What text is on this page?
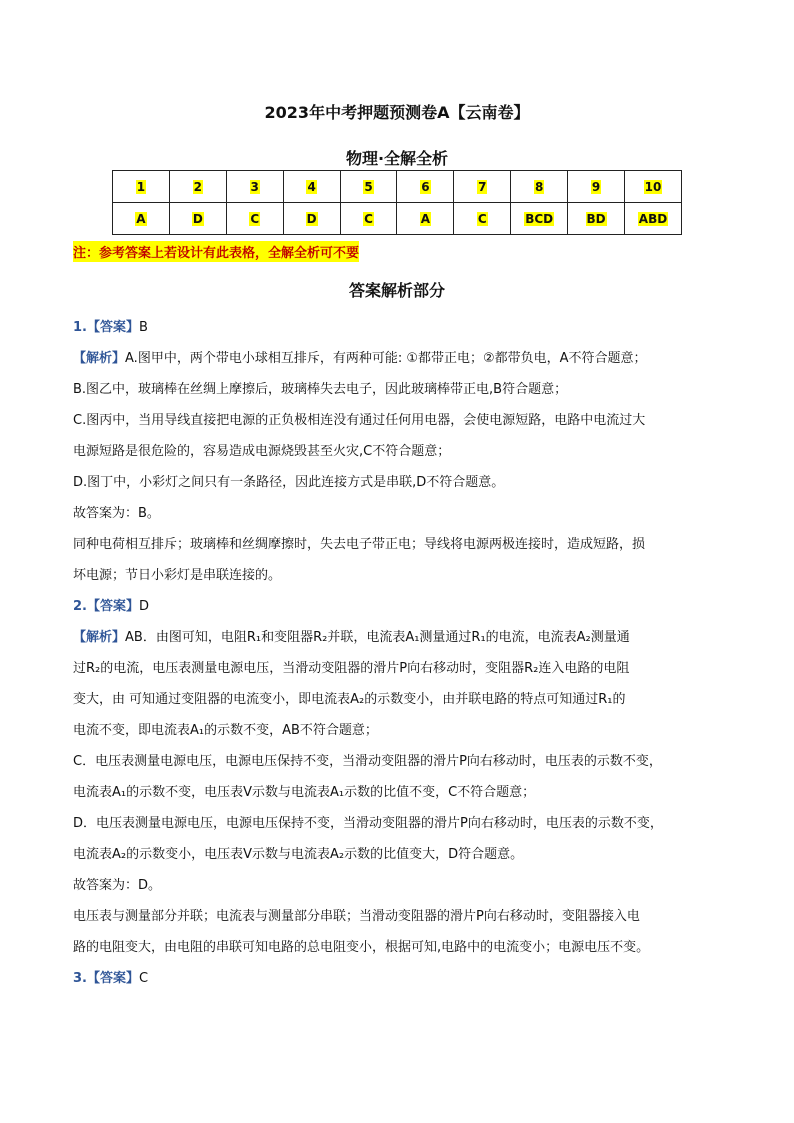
2023年中考押题预测卷A【云南卷】
物理·全解全析
1	2	3	4	5	6	7	8	9	10
A	D	C	D	C	A	C	BCD	BD	ABD
注：参考答案上若设计有此表格，全解全析可不要
答案解析部分
1.【答案】B
【解析】A.图甲中，两个带电小球相互排斥，有两种可能: ①都带正电；②都带负电，A不符合题意；
B.图乙中，玻璃棒在丝绸上摩擦后，玻璃棒失去电子，因此玻璃棒带正电,B符合题意；
C.图丙中，当用导线直接把电源的正负极相连没有通过任何用电器，会使电源短路，电路中电流过大
电源短路是很危险的，容易造成电源烧毁甚至火灾,C不符合题意；
D.图丁中，小彩灯之间只有一条路径，因此连接方式是串联,D不符合题意。
故答案为：B。
同种电荷相互排斥；玻璃棒和丝绸摩擦时，失去电子带正电；导线将电源两极连接时，造成短路，损
坏电源；节日小彩灯是串联连接的。
2.【答案】D
【解析】AB．由图可知，电阻R₁和变阻器R₂并联，电流表A₁测量通过R₁的电流，电流表A₂测量通
过R₂的电流，电压表测量电源电压，当滑动变阻器的滑片P向右移动时，变阻器R₂连入电路的电阻
变大，由 可知通过变阻器的电流变小，即电流表A₂的示数变小，由并联电路的特点可知通过R₁的
电流不变，即电流表A₁的示数不变，AB不符合题意；
C．电压表测量电源电压，电源电压保持不变，当滑动变阻器的滑片P向右移动时，电压表的示数不变，
电流表A₁的示数不变，电压表V示数与电流表A₁示数的比值不变，C不符合题意；
D．电压表测量电源电压，电源电压保持不变，当滑动变阻器的滑片P向右移动时，电压表的示数不变，
电流表A₂的示数变小，电压表V示数与电流表A₂示数的比值变大，D符合题意。
故答案为：D。
电压表与测量部分并联；电流表与测量部分串联；当滑动变阻器的滑片P向右移动时，变阻器接入电
路的电阻变大，由电阻的串联可知电路的总电阻变小，根据可知,电路中的电流变小；电源电压不变。
3.【答案】C
